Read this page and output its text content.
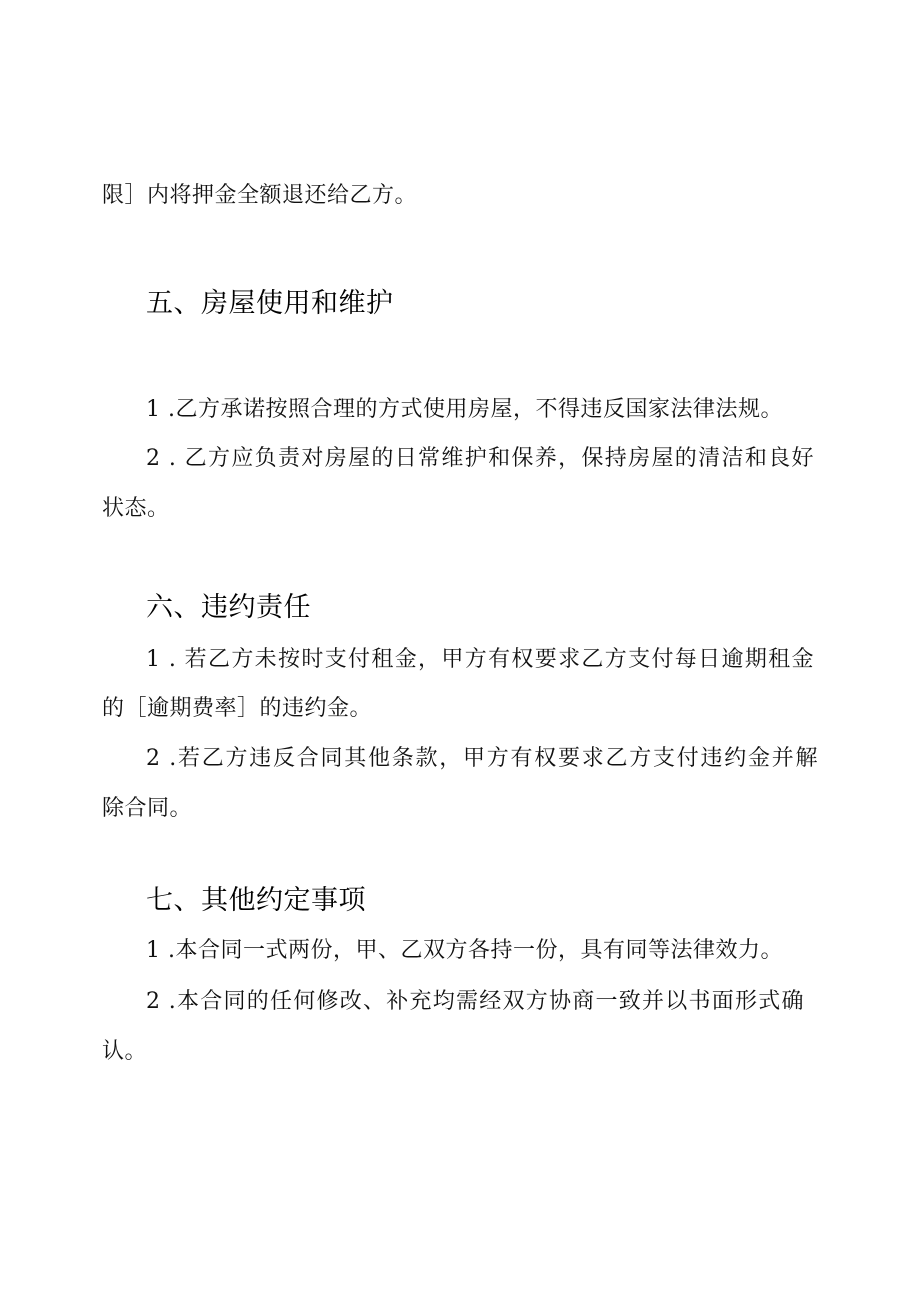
限］内将押金全额退还给乙方。
五、房屋使用和维护
1 .乙方承诺按照合理的方式使用房屋，不得违反国家法律法规。
2 . 乙方应负责对房屋的日常维护和保养，保持房屋的清洁和良好
状态。
六、违约责任
1 . 若乙方未按时支付租金，甲方有权要求乙方支付每日逾期租金
的［逾期费率］的违约金。
2 .若乙方违反合同其他条款，甲方有权要求乙方支付违约金并解
除合同。
七、其他约定事项
1 .本合同一式两份，甲、乙双方各持一份，具有同等法律效力。
2 .本合同的任何修改、补充均需经双方协商一致并以书面形式确
认。
